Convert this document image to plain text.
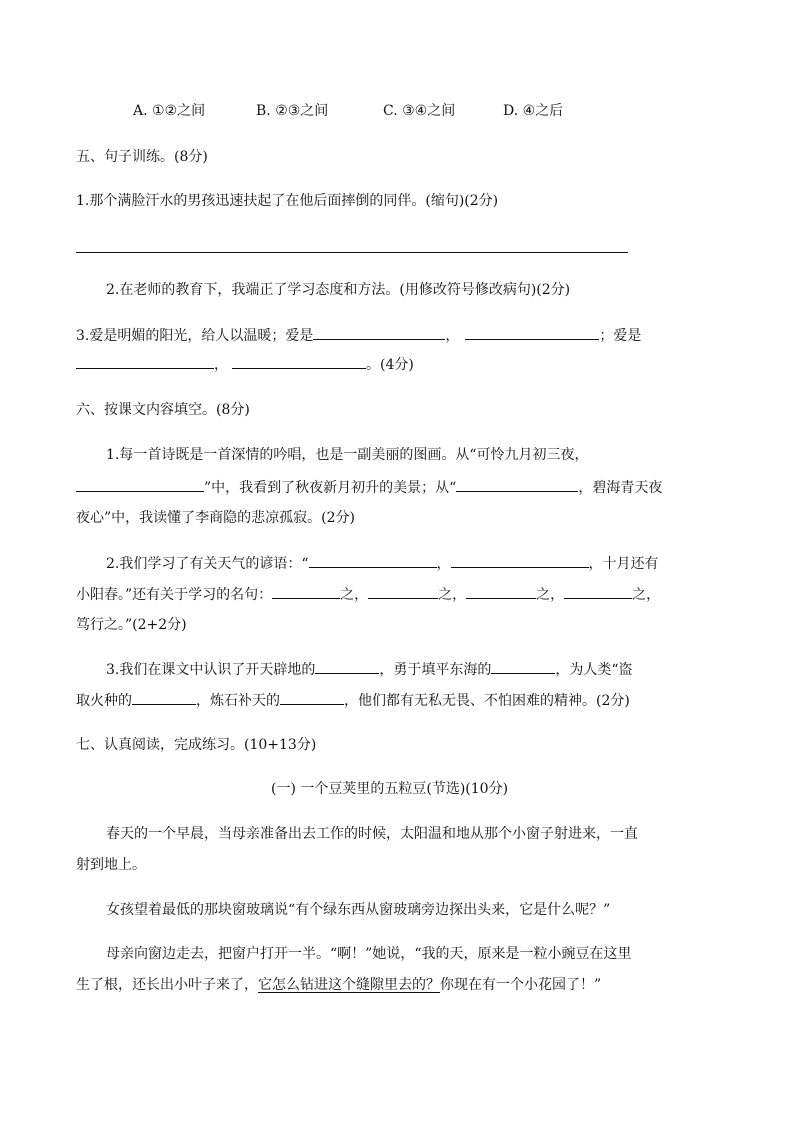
A. ①②之间	B. ②③之间	C. ③④之间	D. ④之后
五、句子训练。(8分)
1.那个满脸汗水的男孩迅速扶起了在他后面摔倒的同伴。(缩句)(2分)
2.在老师的教育下，我端正了学习态度和方法。(用修改符号修改病句)(2分)
3.爱是明媚的阳光，给人以温暖；爱是	，	；爱是
，	。(4分)
六、按课文内容填空。(8分)
1.每一首诗既是一首深情的吟唱，也是一副美丽的图画。从“可怜九月初三夜，
”中，我看到了秋夜新月初升的美景；从“	，碧海青天夜
夜心”中，我读懂了李商隐的悲凉孤寂。(2分)
2.我们学习了有关天气的谚语：“	，	，十月还有
小阳春。”还有关于学习的名句：	之，	之，	之，	之，
笃行之。”(2+2分)
3.我们在课文中认识了开天辟地的	，勇于填平东海的	，为人类“盗
取火种的	，炼石补天的	，他们都有无私无畏、不怕困难的精神。(2分)
七、认真阅读，完成练习。(10+13分)
(一) 一个豆荚里的五粒豆(节选)(10分)
春天的一个早晨，当母亲准备出去工作的时候，太阳温和地从那个小窗子射进来，一直
射到地上。
女孩望着最低的那块窗玻璃说“有个绿东西从窗玻璃旁边探出头来，它是什么呢？”
母亲向窗边走去，把窗户打开一半。“啊！”她说，“我的天，原来是一粒小豌豆在这里
生了根，还长出小叶子来了，它怎么钻进这个缝隙里去的？你现在有一个小花园了！”
